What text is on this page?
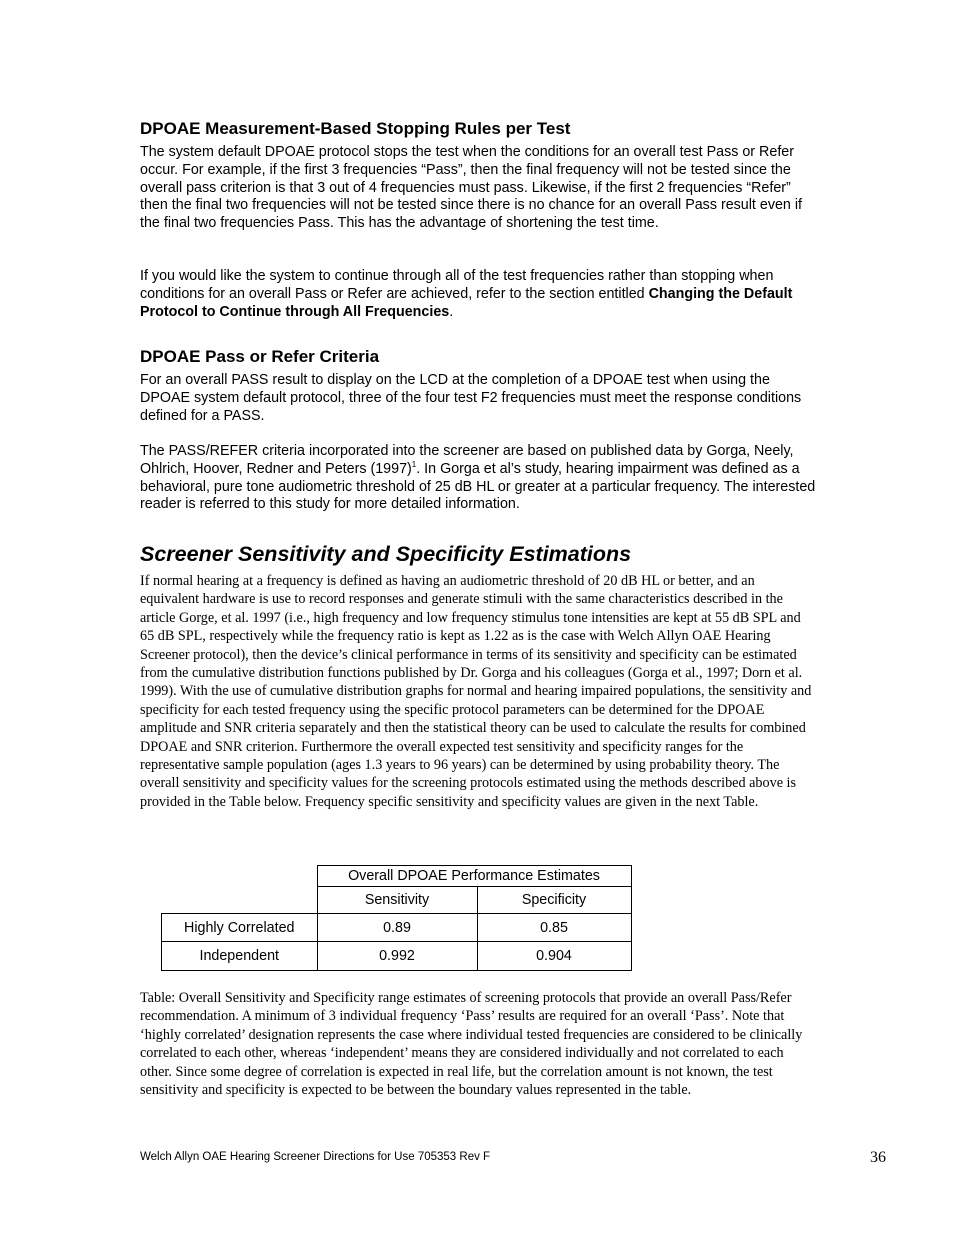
DPOAE Measurement-Based Stopping Rules per Test

The system default DPOAE protocol stops the test when the conditions for an overall test Pass or Refer occur. For example, if the first 3 frequencies “Pass”, then the final frequency will not be tested since the overall pass criterion is that 3 out of 4 frequencies must pass. Likewise, if the first 2 frequencies “Refer” then the final two frequencies will not be tested since there is no chance for an overall Pass result even if the final two frequencies Pass. This has the advantage of shortening the test time.

If you would like the system to continue through all of the test frequencies rather than stopping when conditions for an overall Pass or Refer are achieved, refer to the section entitled Changing the Default Protocol to Continue through All Frequencies.

DPOAE Pass or Refer Criteria

For an overall PASS result to display on the LCD at the completion of a DPOAE test when using the DPOAE system default protocol, three of the four test F2 frequencies must meet the response conditions defined for a PASS.

The PASS/REFER criteria incorporated into the screener are based on published data by Gorga, Neely, Ohlrich, Hoover, Redner and Peters $(1997)^1$. In Gorga et al’s study, hearing impairment was defined as a behavioral, pure tone audiometric threshold of 25 dB HL or greater at a particular frequency. The interested reader is referred to this study for more detailed information.

Screener Sensitivity and Specificity Estimations

If normal hearing at a frequency is defined as having an audiometric threshold of 20 dB HL or better, and an equivalent hardware is use to record responses and generate stimuli with the same characteristics described in the article Gorge, et al. 1997 (i.e., high frequency and low frequency stimulus tone intensities are kept at 55 dB SPL and 65 dB SPL, respectively while the frequency ratio is kept as 1.22 as is the case with Welch Allyn OAE Hearing Screener protocol), then the device’s clinical performance in terms of its sensitivity and specificity can be estimated from the cumulative distribution functions published by Dr. Gorga and his colleagues (Gorga et al., 1997; Dorn et al. 1999). With the use of cumulative distribution graphs for normal and hearing impaired populations, the sensitivity and specificity for each tested frequency using the specific protocol parameters can be determined for the DPOAE amplitude and SNR criteria separately and then the statistical theory can be used to calculate the results for combined DPOAE and SNR criterion. Furthermore the overall expected test sensitivity and specificity ranges for the representative sample population (ages 1.3 years to 96 years) can be determined by using probability theory. The overall sensitivity and specificity values for the screening protocols estimated using the methods described above is provided in the Table below. Frequency specific sensitivity and specificity values are given in the next Table.

	Overall DPOAE Performance Estimates	
	Sensitivity	Specificity
Highly Correlated	0.89	0.85
Independent	0.992	0.904

Table: Overall Sensitivity and Specificity range estimates of screening protocols that provide an overall Pass/Refer recommendation. A minimum of 3 individual frequency ‘Pass’ results are required for an overall ‘Pass’. Note that ‘highly correlated’ designation represents the case where individual tested frequencies are considered to be clinically correlated to each other, whereas ‘independent’ means they are considered individually and not correlated to each other. Since some degree of correlation is expected in real life, but the correlation amount is not known, the test sensitivity and specificity is expected to be between the boundary values represented in the table.

Welch Allyn OAE Hearing Screener Directions for Use 705353 Rev F	36
